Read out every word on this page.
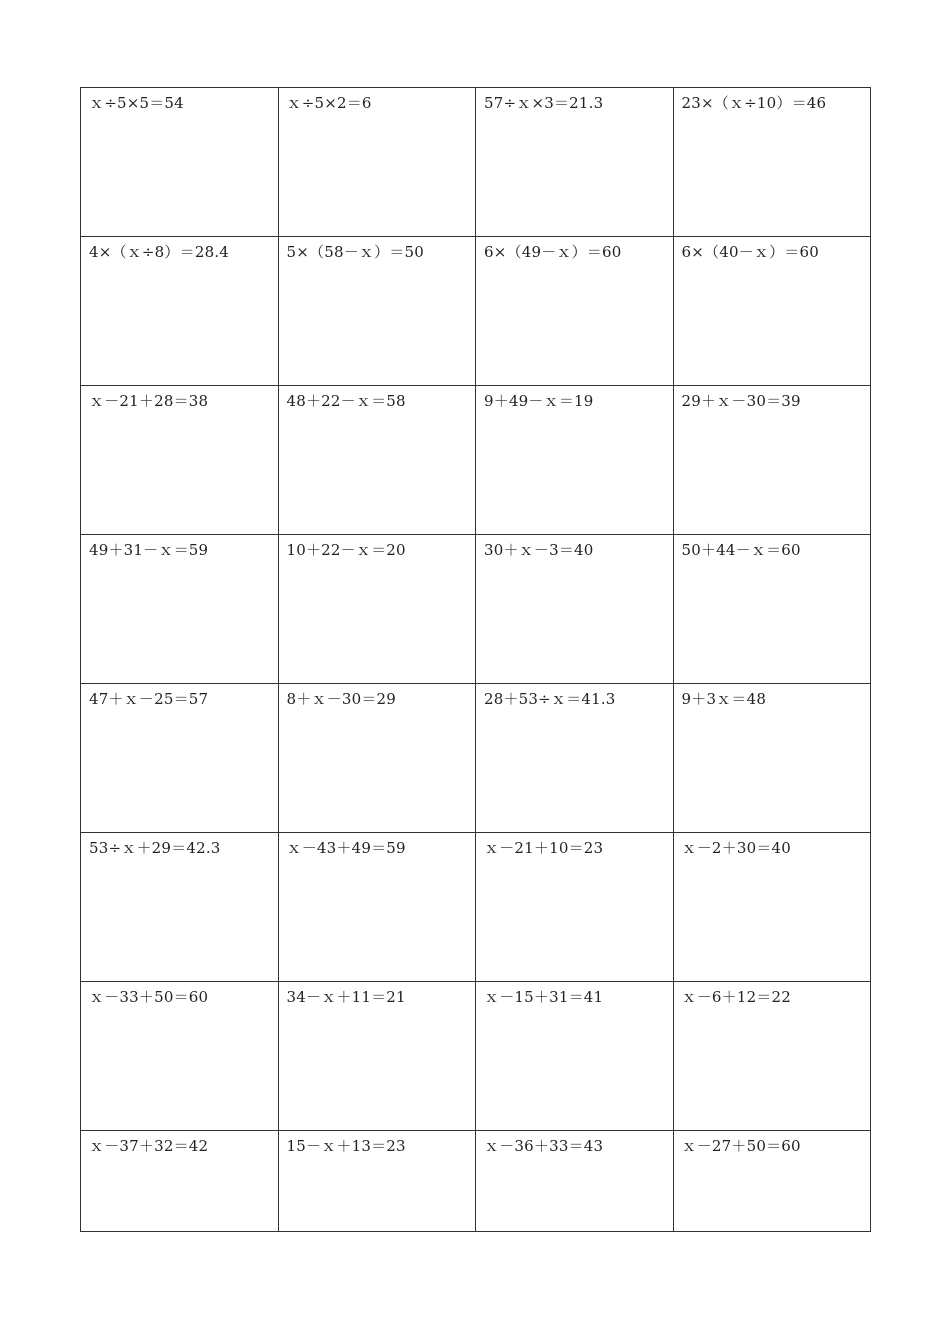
ｘ÷5×5＝54	ｘ÷5×2＝6	57÷ｘ×3＝21.3	23×（ｘ÷10）＝46

4×（ｘ÷8）＝28.4	5×（58－ｘ）＝50	6×（49－ｘ）＝60	6×（40－ｘ）＝60

ｘ－21＋28＝38	48＋22－ｘ＝58	9＋49－ｘ＝19	29＋ｘ－30＝39

49＋31－ｘ＝59	10＋22－ｘ＝20	30＋ｘ－3＝40	50＋44－ｘ＝60

47＋ｘ－25＝57	8＋ｘ－30＝29	28＋53÷ｘ＝41.3	9＋3ｘ＝48

53÷ｘ＋29＝42.3	ｘ－43＋49＝59	ｘ－21＋10＝23	ｘ－2＋30＝40

ｘ－33＋50＝60	34－ｘ＋11＝21	ｘ－15＋31＝41	ｘ－6＋12＝22

ｘ－37＋32＝42	15－ｘ＋13＝23	ｘ－36＋33＝43	ｘ－27＋50＝60
